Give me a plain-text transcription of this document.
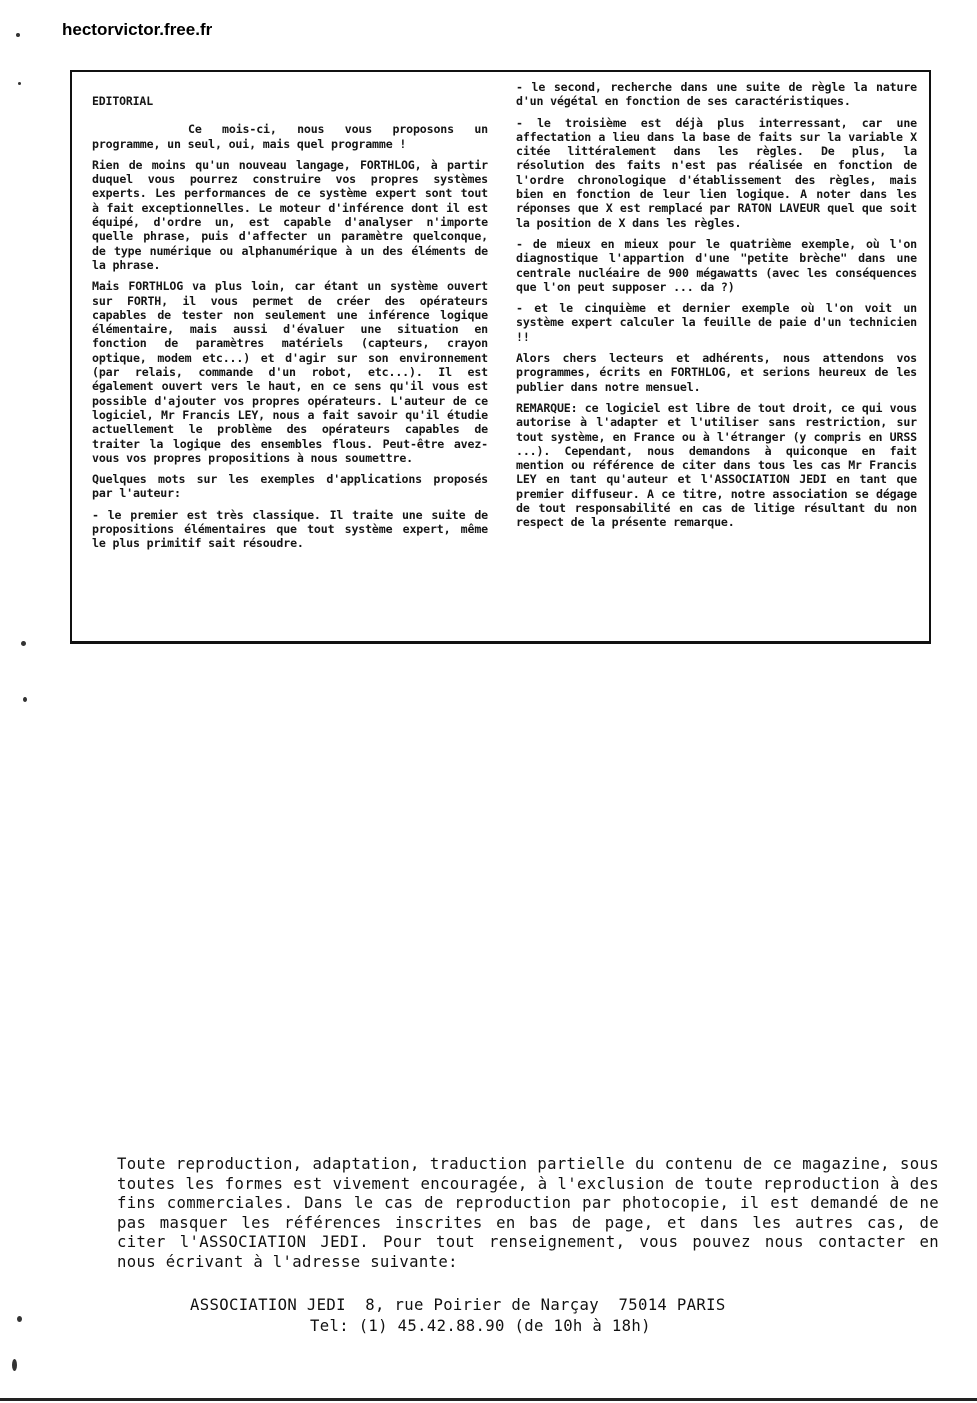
hectorvictor.free.fr

EDITORIAL

Ce mois-ci, nous vous proposons un programme, un seul, oui, mais quel programme !

Rien de moins qu'un nouveau langage, FORTHLOG, à partir duquel vous pourrez construire vos propres systèmes experts. Les performances de ce système expert sont tout à fait exceptionnelles. Le moteur d'inférence dont il est équipé, d'ordre un, est capable d'analyser n'importe quelle phrase, puis d'affecter un paramètre quelconque, de type numérique ou alphanumérique à un des éléments de la phrase.

Mais FORTHLOG va plus loin, car étant un système ouvert sur FORTH, il vous permet de créer des opérateurs capables de tester non seulement une inférence logique élémentaire, mais aussi d'évaluer une situation en fonction de paramètres matériels (capteurs, crayon optique, modem etc...) et d'agir sur son environnement (par relais, commande d'un robot, etc...). Il est également ouvert vers le haut, en ce sens qu'il vous est possible d'ajouter vos propres opérateurs. L'auteur de ce logiciel, Mr Francis LEY, nous a fait savoir qu'il étudie actuellement le problème des opérateurs capables de traiter la logique des ensembles flous. Peut-être avez-vous vos propres propositions à nous soumettre.

Quelques mots sur les exemples d'applications proposés par l'auteur:

- le premier est très classique. Il traite une suite de propositions élémentaires que tout système expert, même le plus primitif sait résoudre.

- le second, recherche dans une suite de règle la nature d'un végétal en fonction de ses caractéristiques.

- le troisième est déjà plus interressant, car une affectation a lieu dans la base de faits sur la variable X citée littéralement dans les règles. De plus, la résolution des faits n'est pas réalisée en fonction de l'ordre chronologique d'établissement des règles, mais bien en fonction de leur lien logique. A noter dans les réponses que X est remplacé par RATON LAVEUR quel que soit la position de X dans les règles.

- de mieux en mieux pour le quatrième exemple, où l'on diagnostique l'appartion d'une "petite brèche" dans une centrale nucléaire de 900 mégawatts (avec les conséquences que l'on peut supposer ... da ?)

- et le cinquième et dernier exemple où l'on voit un système expert calculer la feuille de paie d'un technicien !!

Alors chers lecteurs et adhérents, nous attendons vos programmes, écrits en FORTHLOG, et serions heureux de les publier dans notre mensuel.

REMARQUE: ce logiciel est libre de tout droit, ce qui vous autorise à l'adapter et l'utiliser sans restriction, sur tout système, en France ou à l'étranger (y compris en URSS ...). Cependant, nous demandons à quiconque en fait mention ou référence de citer dans tous les cas Mr Francis LEY en tant qu'auteur et l'ASSOCIATION JEDI en tant que premier diffuseur. A ce titre, notre association se dégage de tout responsabilité en cas de litige résultant du non respect de la présente remarque.

Toute reproduction, adaptation, traduction partielle du contenu de ce magazine, sous toutes les formes est vivement encouragée, à l'exclusion de toute reproduction à des fins commerciales. Dans le cas de reproduction par photocopie, il est demandé de ne pas masquer les références inscrites en bas de page, et dans les autres cas, de citer l'ASSOCIATION JEDI. Pour tout renseignement, vous pouvez nous contacter en nous écrivant à l'adresse suivante:

ASSOCIATION JEDI  8, rue Poirier de Narçay  75014 PARIS
Tel: (1) 45.42.88.90 (de 10h à 18h)
